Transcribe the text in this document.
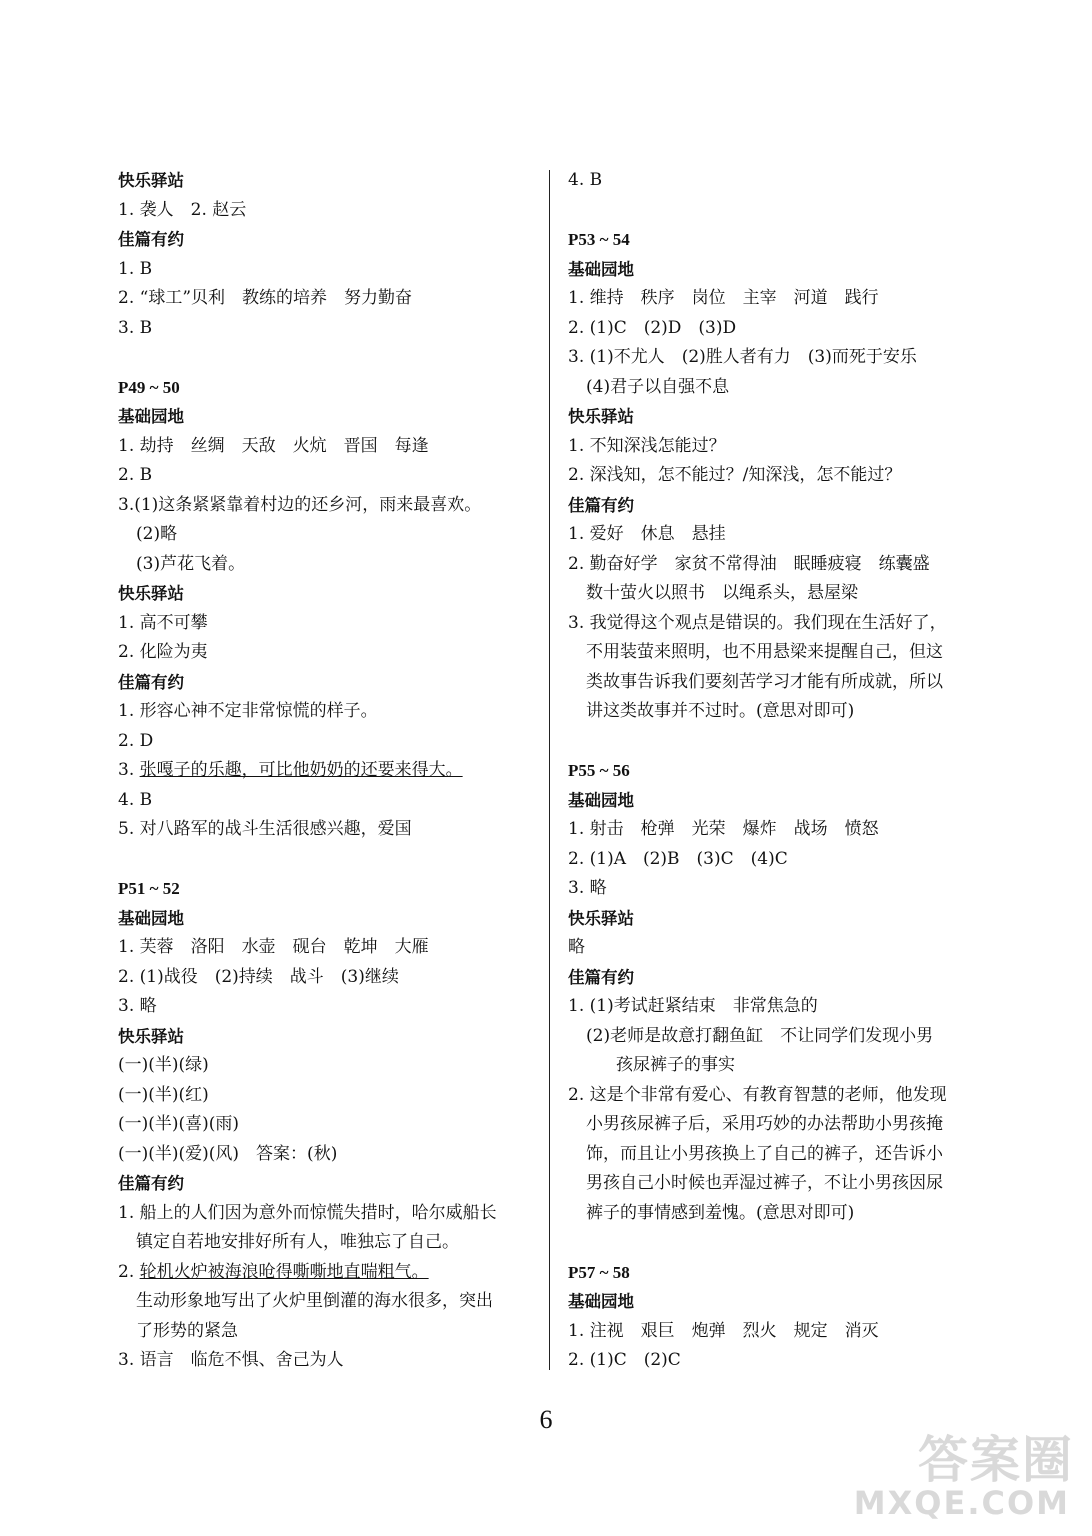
快乐驿站
1. 袭人　2. 赵云
佳篇有约
1. B
2. “球工”贝利　教练的培养　努力勤奋
3. B
P49 ~ 50
基础园地
1. 劫持　丝绸　天敌　火炕　晋国　每逢
2. B
3.(1)这条紧紧靠着村边的还乡河，雨来最喜欢。
(2)略
(3)芦花飞着。
快乐驿站
1. 高不可攀
2. 化险为夷
佳篇有约
1. 形容心神不定非常惊慌的样子。
2. D
3. 张嘎子的乐趣，可比他奶奶的还要来得大。
4. B
5. 对八路军的战斗生活很感兴趣，爱国
P51 ~ 52
基础园地
1. 芙蓉　洛阳　水壶　砚台　乾坤　大雁
2. (1)战役　(2)持续　战斗　(3)继续
3. 略
快乐驿站
(一)(半)(绿)
(一)(半)(红)
(一)(半)(喜)(雨)
(一)(半)(爱)(风)　答案：(秋)
佳篇有约
1. 船上的人们因为意外而惊慌失措时，哈尔威船长
镇定自若地安排好所有人，唯独忘了自己。
2. 轮机火炉被海浪呛得嘶嘶地直喘粗气。
生动形象地写出了火炉里倒灌的海水很多，突出
了形势的紧急
3. 语言　临危不惧、舍己为人
4. B
P53 ~ 54
基础园地
1. 维持　秩序　岗位　主宰　河道　践行
2. (1)C　(2)D　(3)D
3. (1)不尤人　(2)胜人者有力　(3)而死于安乐
(4)君子以自强不息
快乐驿站
1. 不知深浅怎能过？
2. 深浅知，怎不能过？/知深浅，怎不能过？
佳篇有约
1. 爱好　休息　悬挂
2. 勤奋好学　家贫不常得油　眠睡疲寝　练囊盛
数十萤火以照书　以绳系头，悬屋梁
3. 我觉得这个观点是错误的。我们现在生活好了，
不用装萤来照明，也不用悬梁来提醒自己，但这
类故事告诉我们要刻苦学习才能有所成就，所以
讲这类故事并不过时。(意思对即可)
P55 ~ 56
基础园地
1. 射击　枪弹　光荣　爆炸　战场　愤怒
2. (1)A　(2)B　(3)C　(4)C
3. 略
快乐驿站
略
佳篇有约
1. (1)考试赶紧结束　非常焦急的
(2)老师是故意打翻鱼缸　不让同学们发现小男
孩尿裤子的事实
2. 这是个非常有爱心、有教育智慧的老师，他发现
小男孩尿裤子后，采用巧妙的办法帮助小男孩掩
饰，而且让小男孩换上了自己的裤子，还告诉小
男孩自己小时候也弄湿过裤子，不让小男孩因尿
裤子的事情感到羞愧。(意思对即可)
P57 ~ 58
基础园地
1. 注视　艰巨　炮弹　烈火　规定　消灭
2. (1)C　(2)C
6
答案圈
MXQE.COM
